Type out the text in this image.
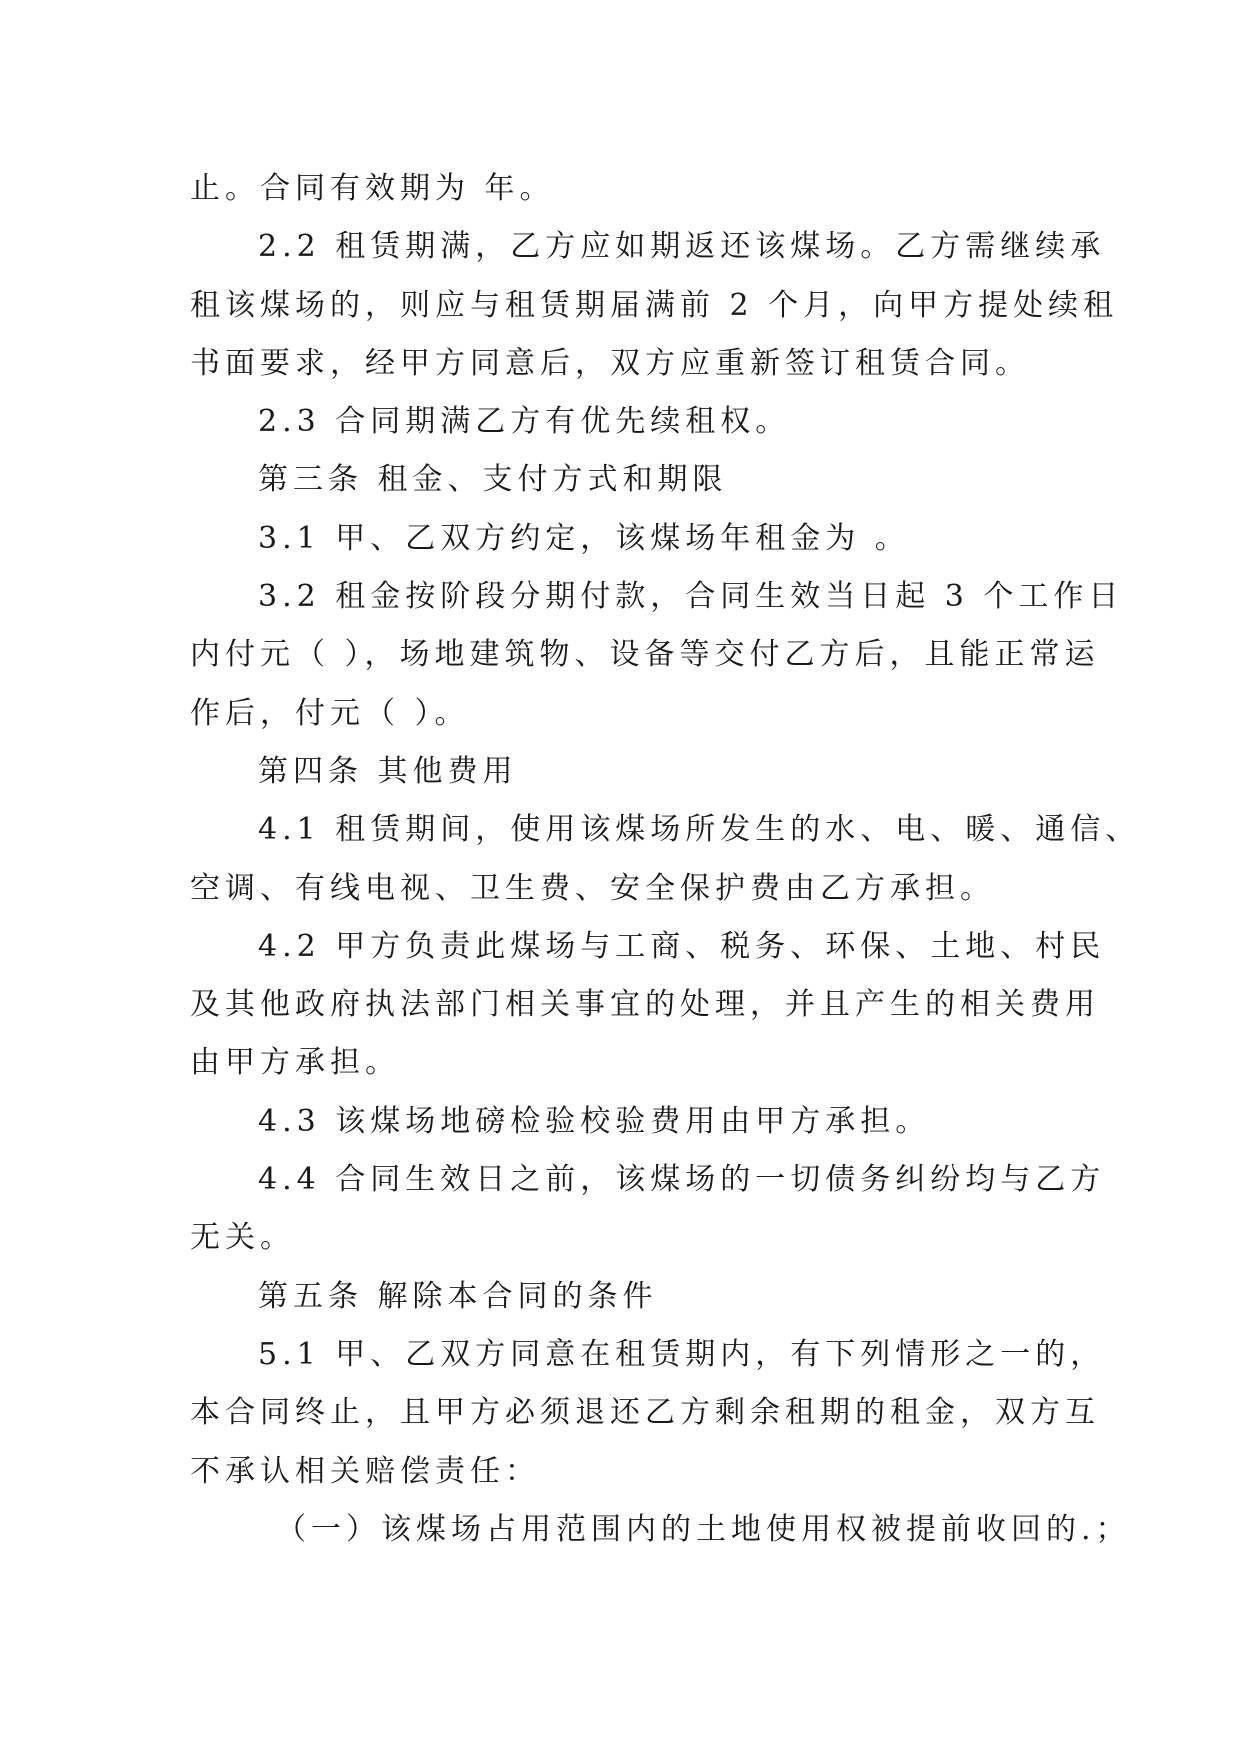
止。合同有效期为 年。
2.2 租赁期满，乙方应如期返还该煤场。乙方需继续承
租该煤场的，则应与租赁期届满前 2 个月，向甲方提处续租
书面要求，经甲方同意后，双方应重新签订租赁合同。
2.3 合同期满乙方有优先续租权。
第三条 租金、支付方式和期限
3.1 甲、乙双方约定，该煤场年租金为 。
3.2 租金按阶段分期付款，合同生效当日起 3 个工作日
内付元（ ），场地建筑物、设备等交付乙方后，且能正常运
作后，付元（ ）。
第四条 其他费用
4.1 租赁期间，使用该煤场所发生的水、电、暖、通信、
空调、有线电视、卫生费、安全保护费由乙方承担。
4.2 甲方负责此煤场与工商、税务、环保、土地、村民
及其他政府执法部门相关事宜的处理，并且产生的相关费用
由甲方承担。
4.3 该煤场地磅检验校验费用由甲方承担。
4.4 合同生效日之前，该煤场的一切债务纠纷均与乙方
无关。
第五条 解除本合同的条件
5.1 甲、乙双方同意在租赁期内，有下列情形之一的，
本合同终止，且甲方必须退还乙方剩余租期的租金，双方互
不承认相关赔偿责任：
（一）该煤场占用范围内的土地使用权被提前收回的.；
